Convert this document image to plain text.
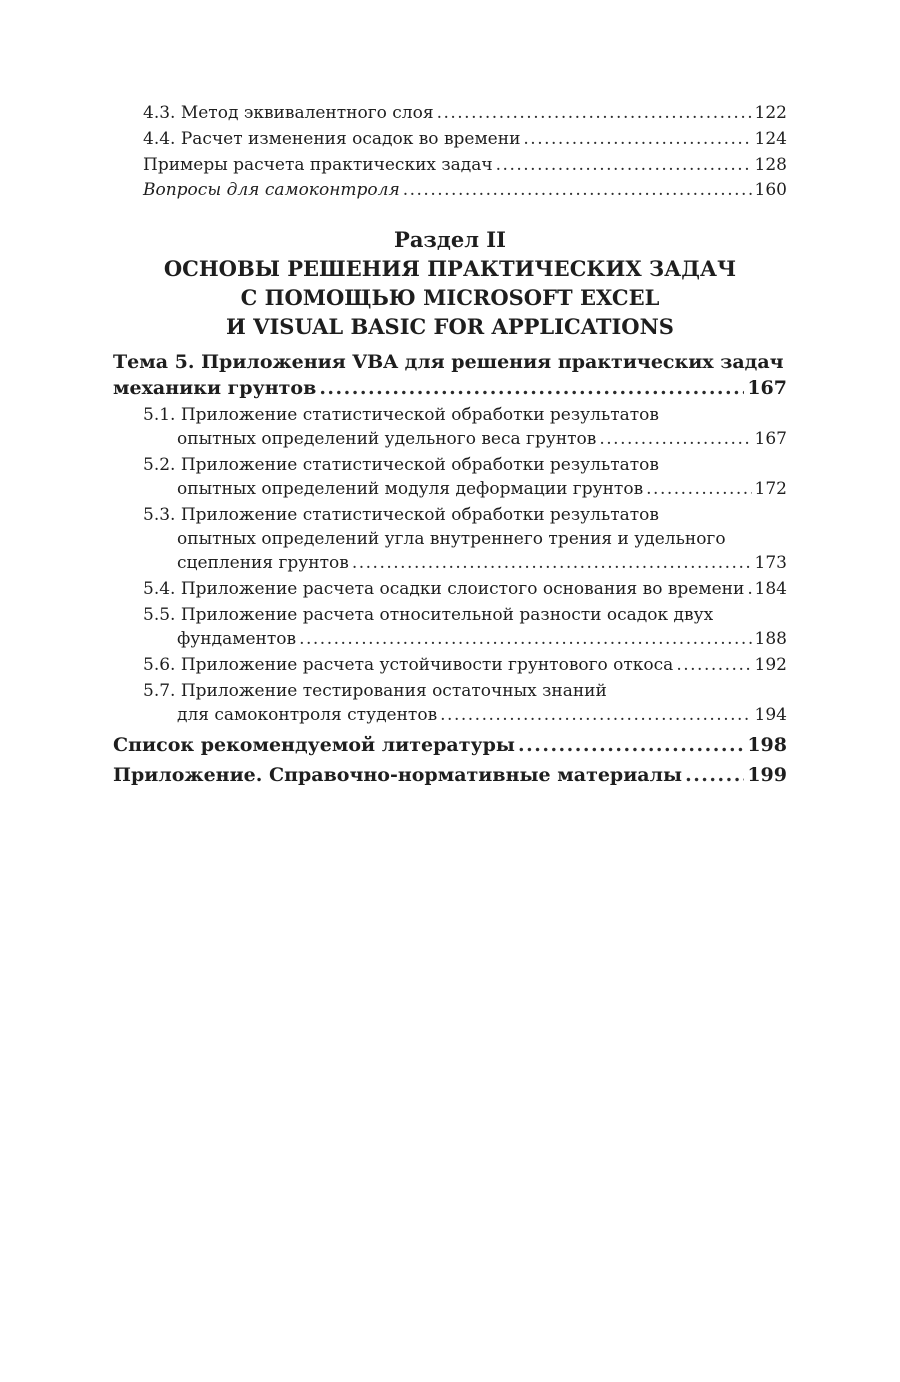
4.3. Метод эквивалентного слоя .....	122
4.4. Расчет изменения осадок во времени .....	124
Примеры расчета практических задач .....	128
Вопросы для самоконтроля .....	160
Раздел II
ОСНОВЫ РЕШЕНИЯ ПРАКТИЧЕСКИХ ЗАДАЧ
С ПОМОЩЬЮ MICROSOFT EXCEL
И VISUAL BASIC FOR APPLICATIONS
Тема 5. Приложения VBA для решения практических задач
механики грунтов .....	167
5.1. Приложение статистической обработки результатов
опытных определений удельного веса грунтов .....	167
5.2. Приложение статистической обработки результатов
опытных определений модуля деформации грунтов .....	172
5.3. Приложение статистической обработки результатов
опытных определений угла внутреннего трения и удельного
сцепления грунтов .....	173
5.4. Приложение расчета осадки слоистого основания во времени ..... 184
5.5. Приложение расчета относительной разности осадок двух
фундаментов .....	188
5.6. Приложение расчета устойчивости грунтового откоса .....	192
5.7. Приложение тестирования остаточных знаний
для самоконтроля студентов .....	194
Список рекомендуемой литературы .....	198
Приложение. Справочно-нормативные материалы .....	199
